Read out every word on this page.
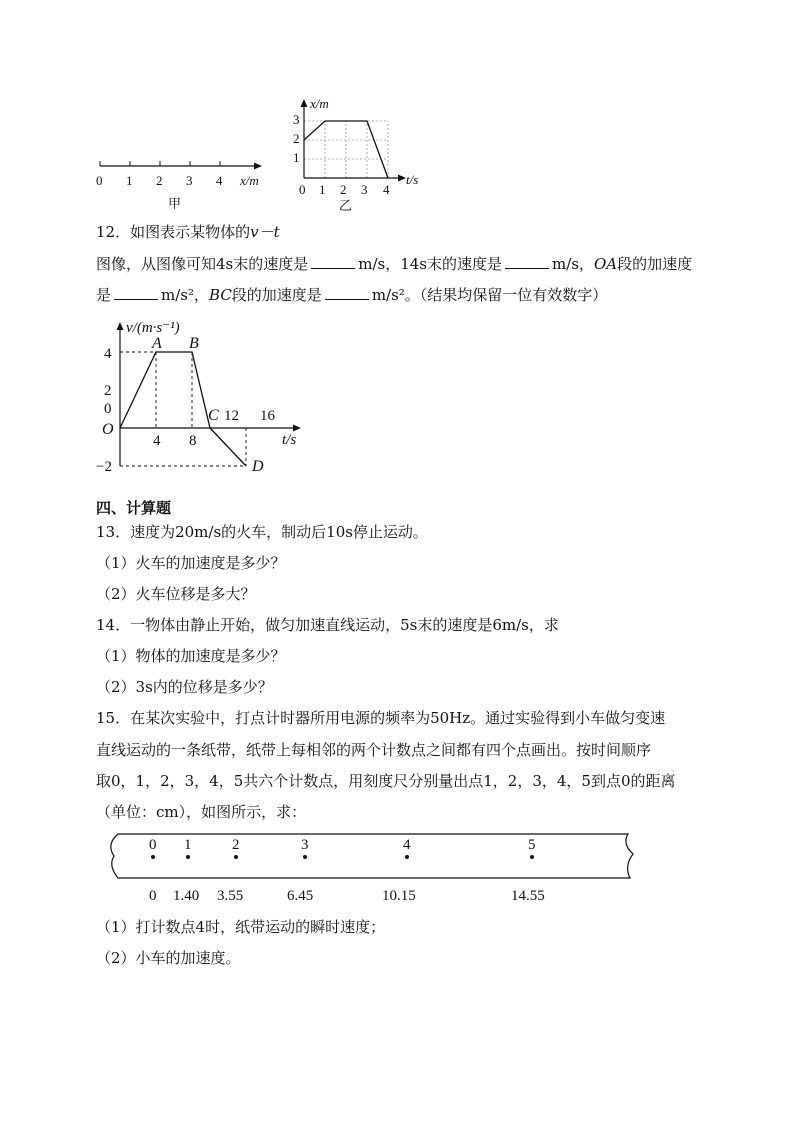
0 1 2 3 4 x/m
甲
x/m
t/s
1
2
3
0 1 2 3 4
乙
12．如图表示某物体的v－t
图像，从图像可知4s末的速度是	m/s，14s末的速度是	m/s，OA段的加速度
是	m/s²，BC段的加速度是	m/s²。（结果均保留一位有效数字）
v/(m·s⁻¹)
t/s
4
2
0
−2
4 8
12 16
O
A B
C
D
四、计算题
13．速度为20m/s的火车，制动后10s停止运动。
（1）火车的加速度是多少？
（2）火车位移是多大？
14．一物体由静止开始，做匀加速直线运动，5s末的速度是6m/s，求
（1）物体的加速度是多少？
（2）3s内的位移是多少？
15．在某次实验中，打点计时器所用电源的频率为50Hz。通过实验得到小车做匀变速
直线运动的一条纸带，纸带上每相邻的两个计数点之间都有四个点画出。按时间顺序
取0，1，2，3，4，5共六个计数点，用刻度尺分别量出点1，2，3，4，5到点0的距离
（单位：cm），如图所示，求：
0 1	2	3	4	5
0 1.40 3.55	6.45	10.15	14.55
（1）打计数点4时，纸带运动的瞬时速度；
（2）小车的加速度。
